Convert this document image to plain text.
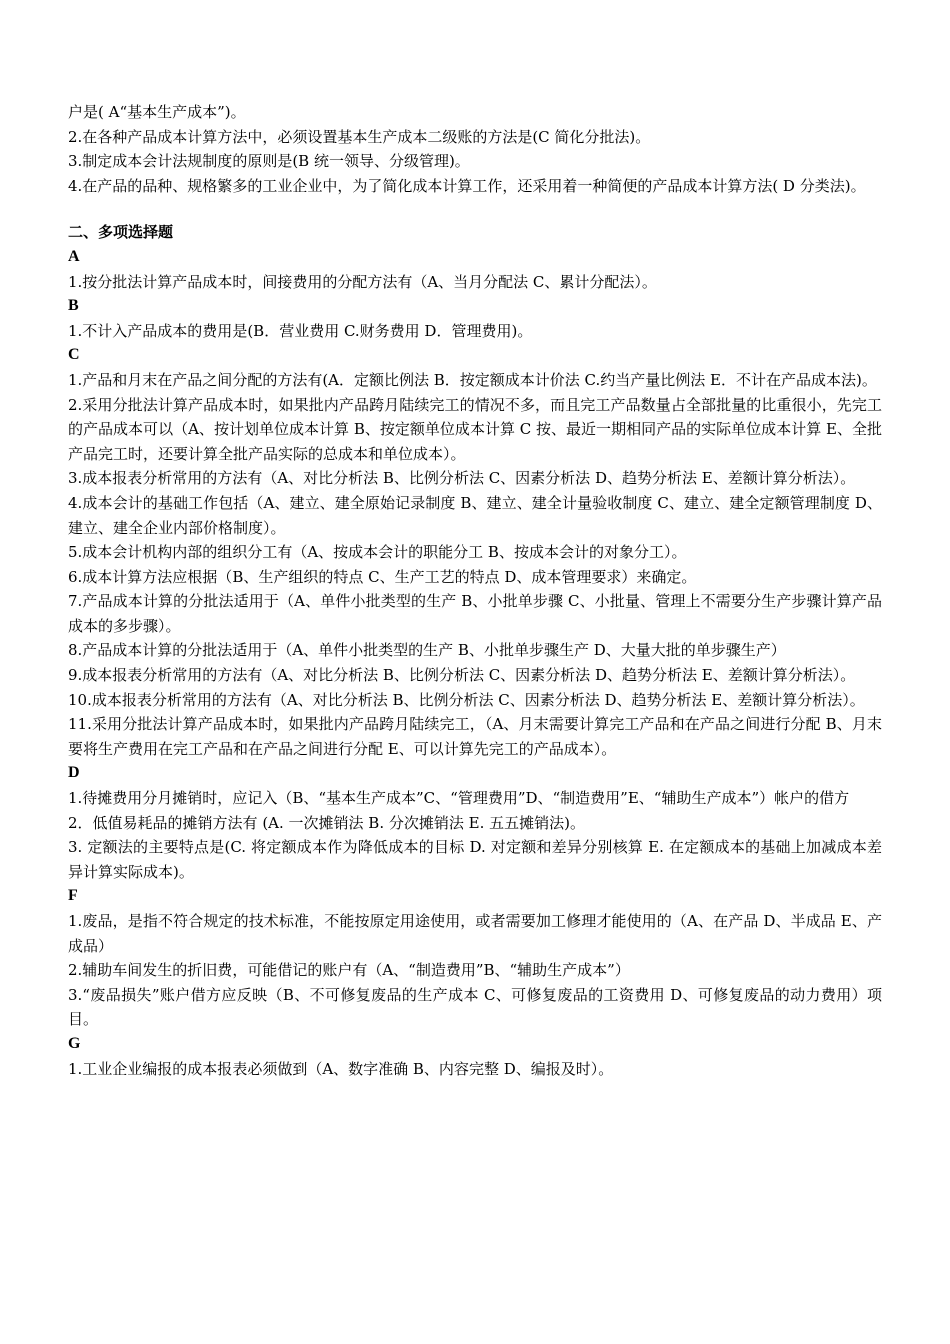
户是( A“基本生产成本”)。

2.在各种产品成本计算方法中，必须设置基本生产成本二级账的方法是(C 简化分批法)。

3.制定成本会计法规制度的原则是(B 统一领导、分级管理)。

4.在产品的品种、规格繁多的工业企业中，为了简化成本计算工作，还采用着一种简便的产品成本计算方法( D 分类法)。

二、多项选择题

A

1.按分批法计算产品成本时，间接费用的分配方法有（A、当月分配法 C、累计分配法）。

B

1.不计入产品成本的费用是(B．营业费用 C.财务费用 D．管理费用)。

C

1.产品和月末在产品之间分配的方法有(A．定额比例法 B．按定额成本计价法 C.约当产量比例法 E．不计在产品成本法)。

2.采用分批法计算产品成本时，如果批内产品跨月陆续完工的情况不多，而且完工产品数量占全部批量的比重很小，先完工的产品成本可以（A、按计划单位成本计算 B、按定额单位成本计算 C 按、最近一期相同产品的实际单位成本计算 E、全批产品完工时，还要计算全批产品实际的总成本和单位成本）。

3.成本报表分析常用的方法有（A、对比分析法 B、比例分析法 C、因素分析法 D、趋势分析法 E、差额计算分析法）。

4.成本会计的基础工作包括（A、建立、建全原始记录制度 B、建立、建全计量验收制度 C、建立、建全定额管理制度 D、建立、建全企业内部价格制度）。

5.成本会计机构内部的组织分工有（A、按成本会计的职能分工 B、按成本会计的对象分工）。

6.成本计算方法应根据（B、生产组织的特点 C、生产工艺的特点 D、成本管理要求）来确定。

7.产品成本计算的分批法适用于（A、单件小批类型的生产 B、小批单步骤 C、小批量、管理上不需要分生产步骤计算产品成本的多步骤）。

8.产品成本计算的分批法适用于（A、单件小批类型的生产 B、小批单步骤生产 D、大量大批的单步骤生产）

9.成本报表分析常用的方法有（A、对比分析法 B、比例分析法 C、因素分析法 D、趋势分析法 E、差额计算分析法）。

10.成本报表分析常用的方法有（A、对比分析法 B、比例分析法 C、因素分析法 D、趋势分析法 E、差额计算分析法）。

11.采用分批法计算产品成本时，如果批内产品跨月陆续完工，（A、月末需要计算完工产品和在产品之间进行分配 B、月末要将生产费用在完工产品和在产品之间进行分配 E、可以计算先完工的产品成本）。

D

1.待摊费用分月摊销时，应记入（B、“基本生产成本”C、“管理费用”D、“制造费用”E、“辅助生产成本”）帐户的借方

2．低值易耗品的摊销方法有 (A. 一次摊销法 B. 分次摊销法 E. 五五摊销法)。

3. 定额法的主要特点是(C. 将定额成本作为降低成本的目标 D. 对定额和差异分别核算 E. 在定额成本的基础上加减成本差异计算实际成本)。

F

1.废品，是指不符合规定的技术标准，不能按原定用途使用，或者需要加工修理才能使用的（A、在产品 D、半成品 E、产成品）

2.辅助车间发生的折旧费，可能借记的账户有（A、“制造费用”B、“辅助生产成本”）

3.“废品损失”账户借方应反映（B、不可修复废品的生产成本 C、可修复废品的工资费用 D、可修复废品的动力费用）项目。

G

1.工业企业编报的成本报表必须做到（A、数字准确 B、内容完整 D、编报及时）。
